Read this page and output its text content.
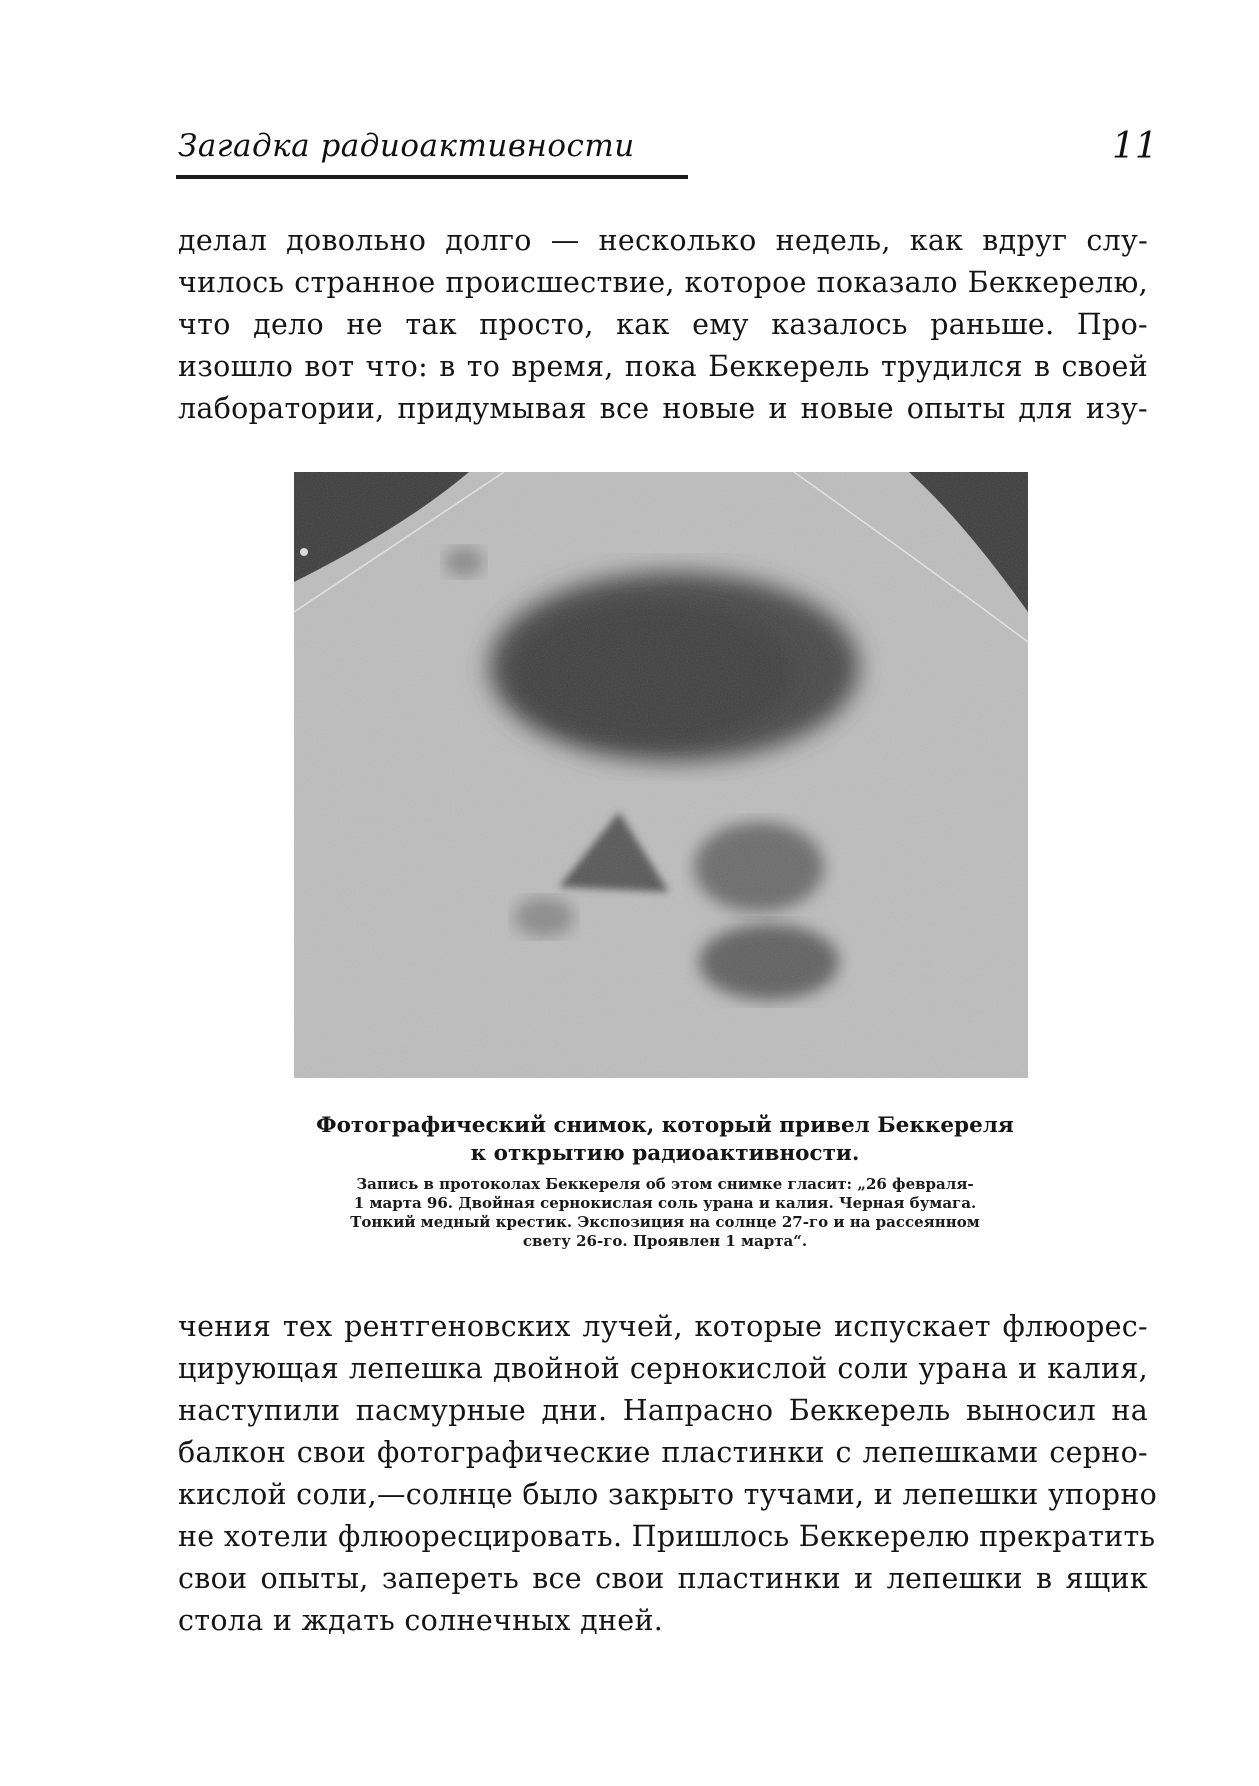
Загадка радиоактивности	11
делал довольно долго — несколько недель, как вдруг слу-
чилось странное происшествие, которое показало Беккерелю,
что дело не так просто, как ему казалось раньше. Про-
изошло вот что: в то время, пока Беккерель трудился в своей
лаборатории, придумывая все новые и новые опыты для изу-
Фотографический снимок, который привел Беккереля
к открытию радиоактивности.
Запись в протоколах Беккереля об этом снимке гласит: „26 февраля-
1 марта 96. Двойная сернокислая соль урана и калия. Черная бумага.
Тонкий медный крестик. Экспозиция на солнце 27-го и на рассеянном
свету 26-го. Проявлен 1 марта“.
чения тех рентгеновских лучей, которые испускает флюорес-
цирующая лепешка двойной сернокислой соли урана и калия,
наступили пасмурные дни. Напрасно Беккерель выносил на
балкон свои фотографические пластинки с лепешками серно-
кислой соли,—солнце было закрыто тучами, и лепешки упорно
не хотели флюоресцировать. Пришлось Беккерелю прекратить
свои опыты, запереть все свои пластинки и лепешки в ящик
стола и ждать солнечных дней.
